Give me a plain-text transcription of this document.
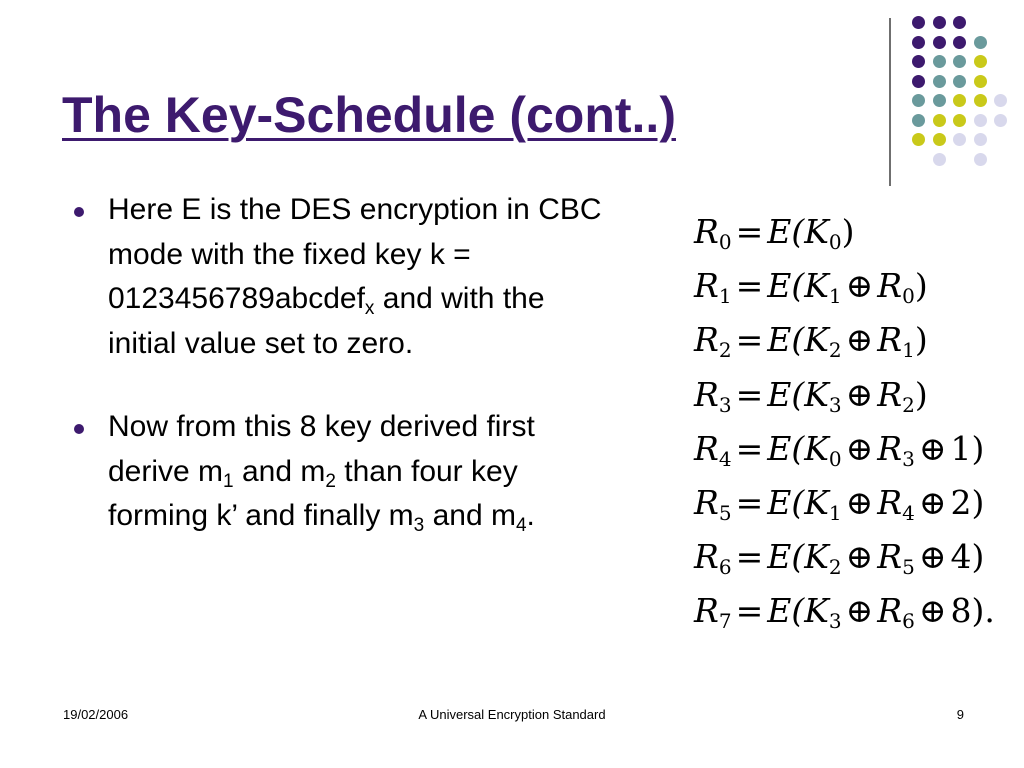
The Key-Schedule (cont..)
Here E is the DES encryption in CBC mode with the fixed key k = 0123456789abcdef$_x$ and with the initial value set to zero.
Now from this 8 key derived first derive $m_1$ and $m_2$ than four key forming k’ and finally $m_3$ and $m_4$.
$R_0 = E(K_0)$
$R_1 = E(K_1$ ⊕ $R_0$)
$R_2 = E(K_2$ ⊕ $R_1$)
$R_3 = E(K_3$ ⊕ $R_2$)
$R_4 = E(K_0$ ⊕ $R_3$ ⊕ 1)
$R_5 = E(K_1$ ⊕ $R_4$ ⊕ 2)
$R_6 = E(K_2$ ⊕ $R_5$ ⊕ 4)
$R_7 = E(K_3$ ⊕ $R_6$ ⊕ 8).
19/02/2006	A Universal Encryption Standard	9
